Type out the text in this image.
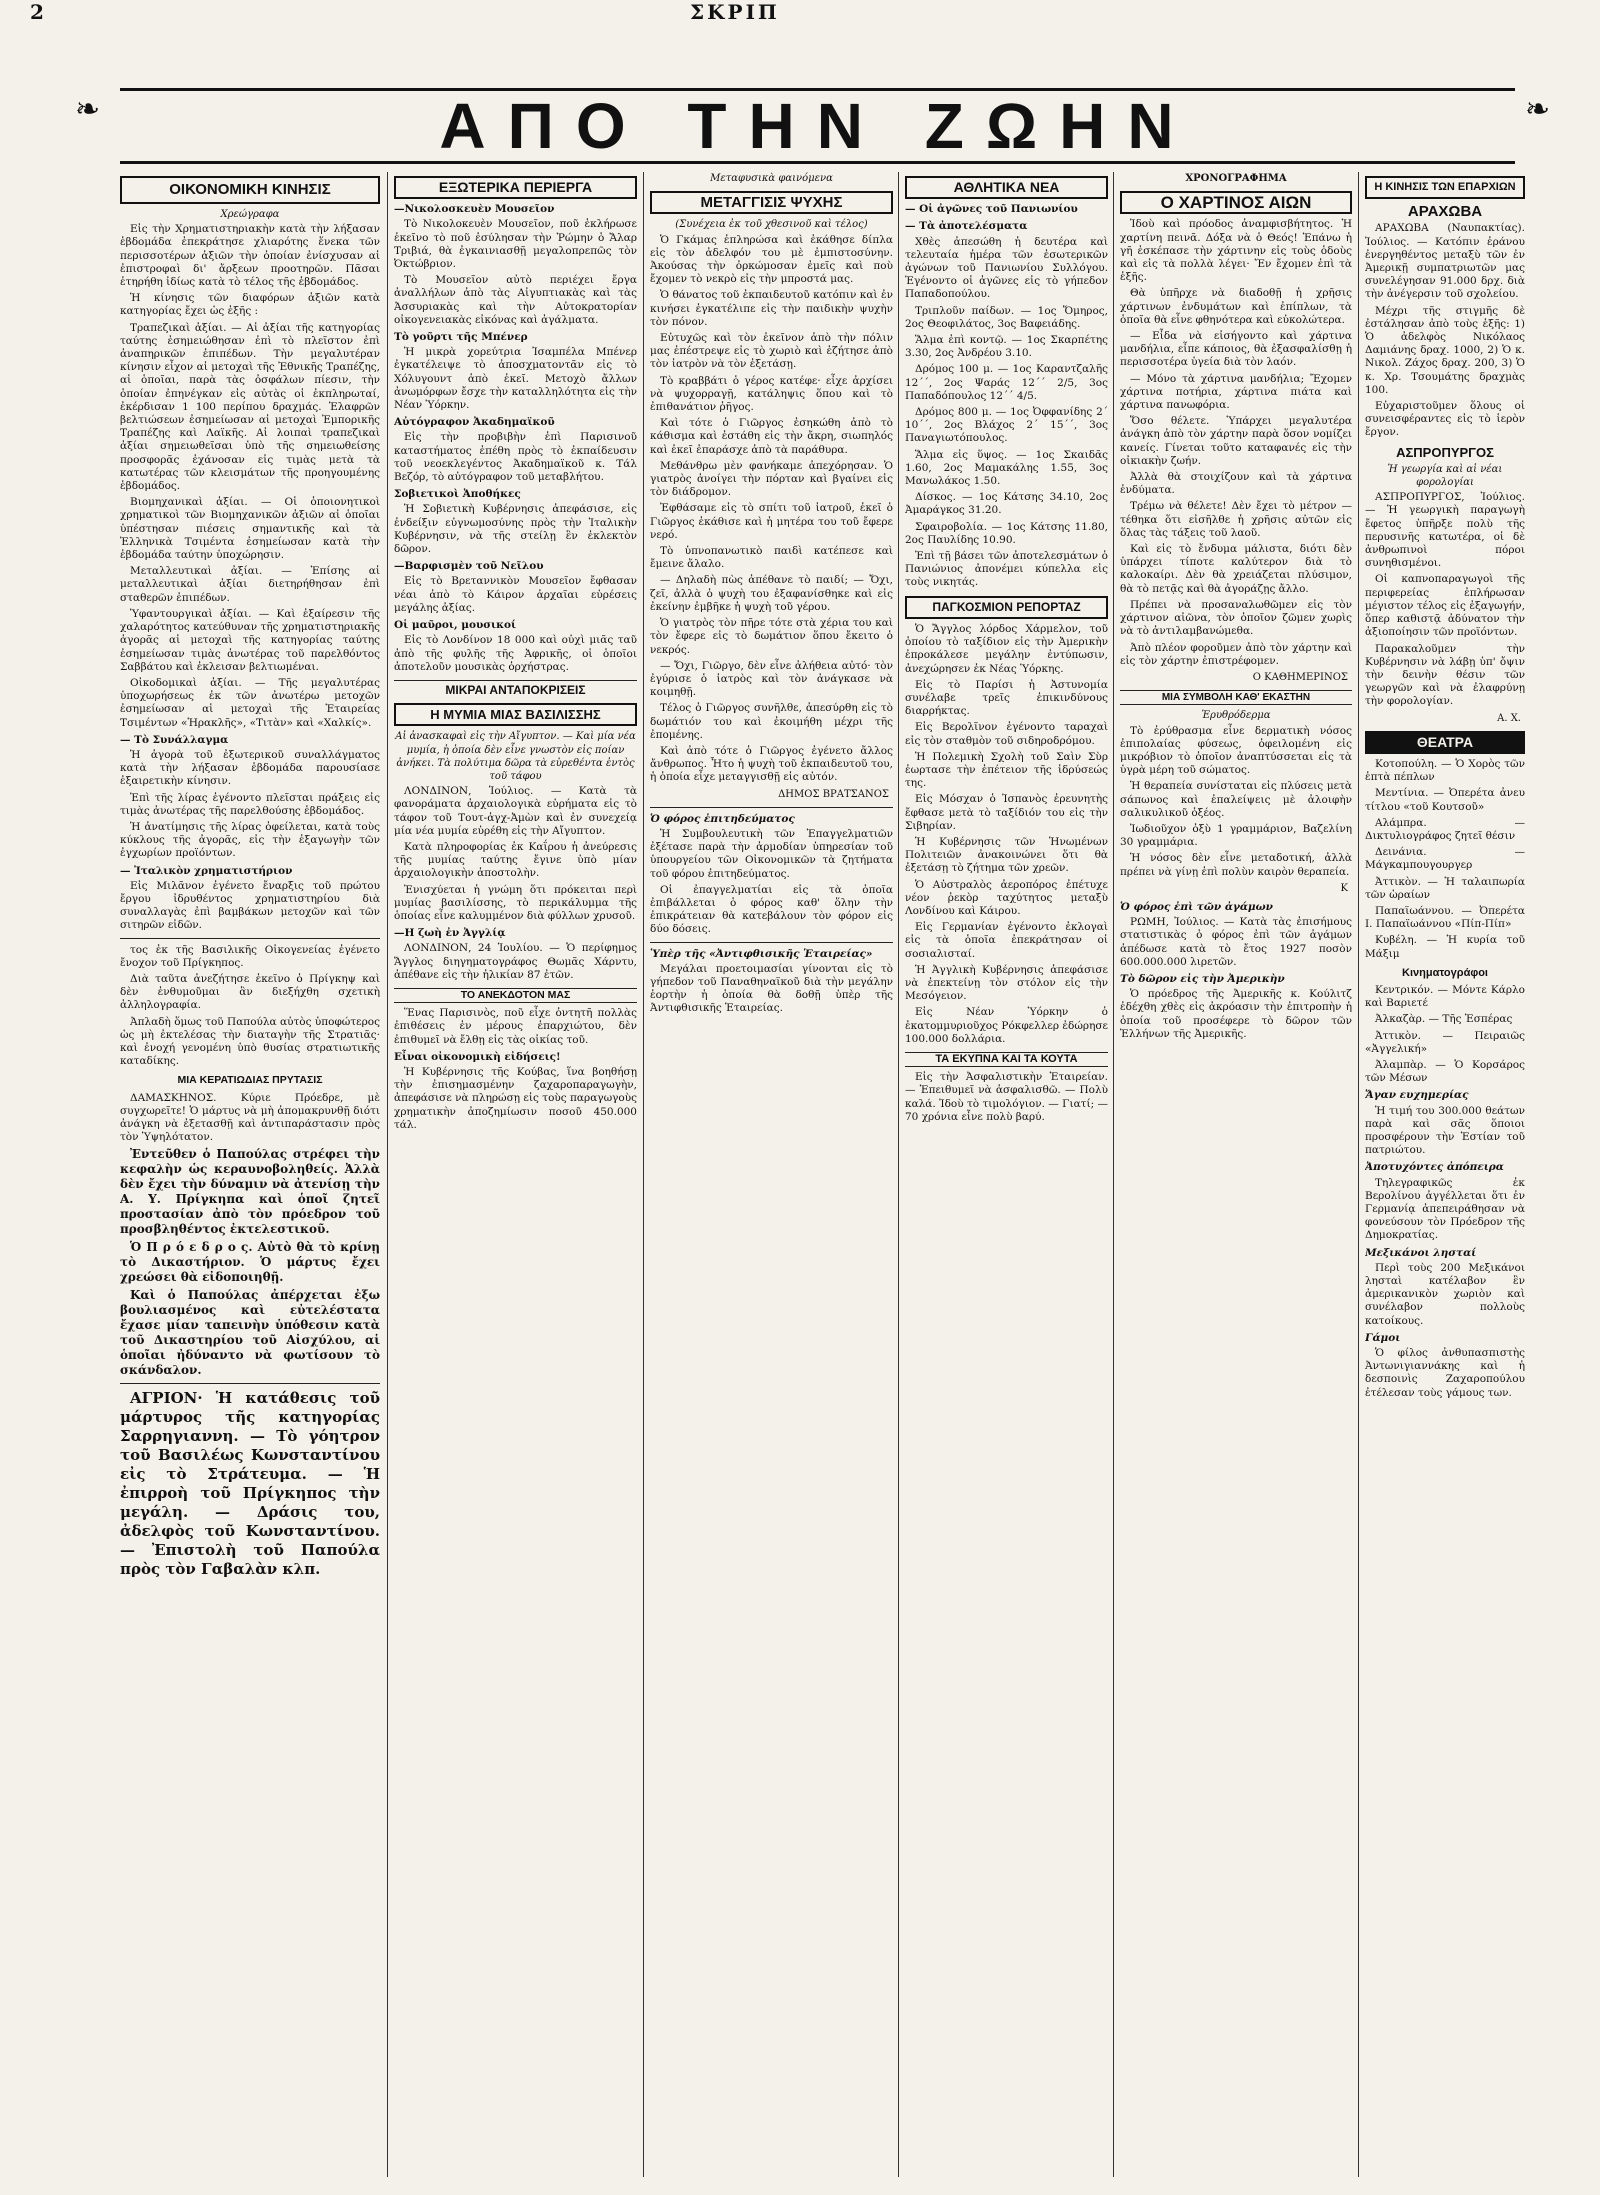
2	ΣΚΡΙΠ
❧	❧
ΑΠΟ ΤΗΝ ΖΩΗΝ
ΟΙΚΟΝΟΜΙΚΗ ΚΙΝΗΣΙΣ
Χρεώγραφα

Εἰς τὴν Χρηματιστηριακὴν κατὰ τὴν λήξασαν ἑβδομάδα ἐπεκράτησε χλιαρότης ἕνεκα τῶν περισσοτέρων ἀξιῶν τὴν ὁποίαν ἐνίσχυσαν αἱ ἐπιστροφαὶ δι' ἄρξεων προοτηρῶν. Πᾶσαι ἐτηρήθη ἰδίως κατὰ τὸ τέλος τῆς ἑβδομάδος.

Ἡ κίνησις τῶν διαφόρων ἀξιῶν κατὰ κατηγορίας ἔχει ὡς ἑξῆς :

Τραπεζικαὶ ἀξίαι. — Αἱ ἀξίαι τῆς κατηγορίας ταύτης ἐσημειώθησαν ἐπὶ τὸ πλεῖστον ἐπὶ ἀναπηρικῶν ἐπιπέδων. Τὴν μεγαλυτέραν κίνησιν εἶχον αἱ μετοχαὶ τῆς Ἐθνικῆς Τραπέζης, αἱ ὁποῖαι, παρὰ τὰς ὀσφάλων πίεσιν, τὴν ὁποίαν ἐπηνέγκαν εἰς αὐτὰς οἱ ἐκπληρωταί, ἐκέρδισαν 1 100 περίπου δραχμάς. Ἐλαφρῶν βελτιώσεων ἐσημείωσαν αἱ μετοχαὶ Ἐμπορικῆς Τραπέζης καὶ Λαϊκῆς. Αἱ λοιπαὶ τραπεζικαὶ ἀξίαι σημειωθεῖσαι ὑπὸ τῆς σημειωθείσης προσφορᾶς ἐχάνοσαν εἰς τιμὰς μετὰ τὰ κατωτέρας τῶν κλεισμάτων τῆς προηγουμένης ἑβδομάδος.

Βιομηχανικαὶ ἀξίαι. — Οἱ ὁποιονητικοὶ χρηματικοὶ τῶν Βιομηχανικῶν ἀξιῶν αἱ ὁποῖαι ὑπέστησαν πιέσεις σημαντικῆς καὶ τὰ Ἐλληνικὰ Τσιμέντα ἐσημείωσαν κατὰ τὴν ἑβδομάδα ταύτην ὑποχώρησιν.

Μεταλλευτικαὶ ἀξίαι. — Ἐπίσης αἱ μεταλλευτικαὶ ἀξίαι διετηρήθησαν ἐπὶ σταθερῶν ἐπιπέδων.

Ὑφαντουργικαὶ ἀξίαι. — Καὶ ἐξαίρεσιν τῆς χαλαρότητος κατεύθυναν τῆς χρηματιστηριακῆς ἀγορᾶς αἱ μετοχαὶ τῆς κατηγορίας ταύτης ἐσημείωσαν τιμὰς ἀνωτέρας τοῦ παρελθόντος Σαββάτου καὶ ἐκλεισαν βελτιωμέναι.

Οἰκοδομικαὶ ἀξίαι. — Τῆς μεγαλυτέρας ὑποχωρήσεως ἐκ τῶν ἀνωτέρω μετοχῶν ἐσημείωσαν αἱ μετοχαὶ τῆς Ἑταιρείας Τσιμέντων «Ἡρακλῆς», «Τιτὰν» καὶ «Χαλκίς».

— Τὸ Συνάλλαγμα

Ἡ ἀγορὰ τοῦ ἐξωτερικοῦ συναλλάγματος κατὰ τὴν λήξασαν ἑβδομάδα παρουσίασε ἐξαιρετικὴν κίνησιν.

Ἐπὶ τῆς λίρας ἐγένοντο πλεῖσται πράξεις εἰς τιμὰς ἀνωτέρας τῆς παρελθούσης ἑβδομάδος.

Ἡ ἀνατίμησις τῆς λίρας ὀφείλεται, κατὰ τοὺς κύκλους τῆς ἀγορᾶς, εἰς τὴν ἐξαγωγὴν τῶν ἐγχωρίων προϊόντων.

— Ἰταλικὸν χρηματιστήριον

Εἰς Μιλᾶνον ἐγένετο ἔναρξις τοῦ πρώτου ἔργου ἰδρυθέντος χρηματιστηρίου διὰ συναλλαγὰς ἐπὶ βαμβάκων μετοχῶν καὶ τῶν σιτηρῶν εἰδῶν.

τος ἐκ τῆς Βασιλικῆς Οἰκογενείας ἐγένετο ἔνοχον τοῦ Πρίγκηπος.

Διὰ ταῦτα ἀνεζήτησε ἐκεῖνο ὁ Πρίγκηψ καὶ δὲν ἐνθυμοῦμαι ἂν διεξήχθη σχετικὴ ἀλληλογραφία.

Ἀπλαδὴ ὅμως τοῦ Παπούλα αὐτὸς ὑποφώτερος ὡς μὴ ἐκτελέσας τὴν διαταγὴν τῆς Στρατιᾶς· καὶ ἐνοχή γενομένη ὑπὸ θυσίας στρατιωτικῆς καταδίκης.

ΜΙΑ ΚΕΡΑΤΙΩΔΙΑΣ ΠΡΥΤΑΣΙΣ

ΔΑΜΑΣΚΗΝΟΣ. Κύριε Πρόεδρε, μὲ συγχωρεῖτε! Ὁ μάρτυς νὰ μὴ ἀπομακρυνθῇ διότι ἀνάγκη νὰ ἐξετασθῇ καὶ ἀντιπαράστασιν πρὸς τὸν Ὑψηλότατον.

Ἐντεῦθεν ὁ Παπούλας στρέφει τὴν κεφαλὴν ὡς κεραυνοβοληθείς. Ἀλλὰ δὲν ἔχει τὴν δύναμιν νὰ ἀτενίσῃ τὴν Α. Υ. Πρίγκηπα καὶ ὁποῖ ζητεῖ προστασίαν ἀπὸ τὸν πρόεδρον τοῦ προσβληθέντος ἐκτελεστικοῦ.

Ὁ Π ρ ό ε δ ρ ο ς. Αὐτὸ θὰ τὸ κρίνῃ τὸ Δικαστήριον. Ὁ μάρτυς ἔχει χρεώσει θὰ εἰδοποιηθῇ.

Καὶ ὁ Παπούλας ἀπέρχεται ἐξω βουλιασμένος καὶ εὐτελέστατα ἔχασε μίαν ταπεινὴν ὑπόθεσιν κατὰ τοῦ Δικαστηρίου τοῦ Αἰσχύλου, αἱ ὁποῖαι ἠδύναντο νὰ φωτίσουν τὸ σκάνδαλον.

ΑΓΡΙΟΝ· Ἡ κατάθεσις τοῦ μάρτυρος τῆς κατηγορίας Σαρρηγιαννη. — Τὸ γόητρον τοῦ Βασιλέως Κωνσταντίνου εἰς τὸ Στράτευμα. — Ἡ ἐπιρροὴ τοῦ Πρίγκηπος τὴν μεγάλη. — Δράσις του, ἀδελφὸς τοῦ Κωνσταντίνου. — Ἐπιστολὴ τοῦ Παπούλα πρὸς τὸν Γαβαλὰν κλπ.

ΕΞΩΤΕΡΙΚΑ ΠΕΡΙΕΡΓΑ
—Νικολοσκευὲν Μουσεῖον

Τὸ Νικολοκευὲν Μουσεῖον, ποῦ ἐκλήρωσε ἐκεῖνο τὸ ποῦ ἐσύλησαν τὴν Ῥώμην ὁ Ἄλαρ Τριβιά, θὰ ἐγκαινιασθῇ μεγαλοπρεπῶς τὸν Ὀκτώβριον.

Τὸ Μουσεῖον αὐτὸ περιέχει ἔργα ἀναλλήλων ἀπὸ τὰς Αἰγυπτιακὰς καὶ τὰς Ἀσσυριακὰς καὶ τὴν Αὐτοκρατορίαν οἰκογενειακὰς εἰκόνας καὶ ἀγάλματα.

Τὸ γοῦρτι τῆς Μπένερ

Ἡ μικρὰ χορεύτρια Ἰσαμπέλα Μπένερ ἐγκατέλειψε τὸ ἀποσχματοντᾶν εἰς τὸ Χόλυγουντ ἀπὸ ἐκεῖ. Μετοχὸ ἄλλων ἀνωμόρφων ἔσχε τὴν καταλληλότητα εἰς τὴν Νέαν Ὑόρκην.

Αὐτόγραφον Ἀκαδημαϊκοῦ

Εἰς τὴν προβιβὴν ἐπὶ Παρισινοῦ καταστήματος ἐπέθη πρὸς τὸ ἐκπαίδευσιν τοῦ νεοεκλεγέντος Ἀκαδημαϊκοῦ κ. Τάλ Βεζόρ, τὸ αὐτόγραφον τοῦ μεταβλήτου.

Σοβιετικοὶ Ἀποθήκες

Ἡ Σοβιετικὴ Κυβέρνησις ἀπεφάσισε, εἰς ἐνδείξιν εὐγνωμοσύνης πρὸς τὴν Ἰταλικὴν Κυβέρνησιν, νὰ τῆς στείλῃ ἓν ἐκλεκτὸν δῶρον.

—Βαρφισμὲν τοῦ Νεῖλου

Εἰς τὸ Βρεταννικὸν Μουσεῖον ἔφθασαν νέαι ἀπὸ τὸ Κάιρον ἀρχαῖαι εὑρέσεις μεγάλης ἀξίας.

Οἱ μαῦροι, μουσικοί

Εἰς τὸ Λονδίνον 18 000 καὶ οὐχὶ μιᾶς ταῦ ἀπὸ τῆς φυλῆς τῆς Ἀφρικῆς, οἱ ὁποῖοι ἀποτελοῦν μουσικὰς ὀρχήστρας.

ΜΙΚΡΑΙ ΑΝΤΑΠΟΚΡΙΣΕΙΣ
Η ΜΥΜΙΑ ΜΙΑΣ ΒΑΣΙΛΙΣΣΗΣ
Αἱ ἀνασκαφαὶ εἰς τὴν Αἴγυπτον. — Καὶ μία νέα μυμία, ἡ ὁποία δὲν εἶνε γνωστὸν εἰς ποίαν ἀνήκει. Τὰ πολύτιμα δῶρα τὰ εὑρεθέντα ἐντὸς τοῦ τάφου

ΛΟΝΔΙΝΟΝ, Ἰούλιος. — Κατὰ τὰ φανοράματα ἀρχαιολογικὰ εὑρήματα εἰς τὸ τάφον τοῦ Τουτ-ἀγχ-Ἀμὼν καὶ ἐν συνεχείᾳ μία νέα μυμία εὑρέθη εἰς τὴν Αἴγυπτον.

Κατὰ πληροφορίας ἐκ Καΐρου ἡ ἀνεύρεσις τῆς μυμίας ταύτης ἔγινε ὑπὸ μίαν ἀρχαιολογικὴν ἀποστολὴν.

Ἐνισχύεται ἡ γνώμη ὅτι πρόκειται περὶ μυμίας βασιλίσσης, τὸ περικάλυμμα τῆς ὁποίας εἶνε καλυμμένον διὰ φύλλων χρυσοῦ.

—Η ζωὴ ἐν Ἀγγλίᾳ

ΛΟΝΔΙΝΟΝ, 24 Ἰουλίου. — Ὁ περίφημος Ἄγγλος διηγηματογράφος Θωμᾶς Χάρντυ, ἀπέθανε εἰς τὴν ἡλικίαν 87 ἐτῶν.

ΤΟ ΑΝΕΚΔΟΤΟΝ ΜΑΣ

Ἕνας Παρισινὸς, ποῦ εἶχε ὀντητῆ πολλὰς ἐπιθέσεις ἐν μέρους ἐπαρχιώτου, δὲν ἐπιθυμεῖ νὰ ἔλθῃ εἰς τὰς οἰκίας τοῦ.

Εἶναι οἰκονομικὴ εἰδήσεις!

Ἡ Κυβέρνησις τῆς Κούβας, ἵνα βοηθήσῃ τὴν ἐπισημασμένην ζαχαροπαραγωγὴν, ἀπεφάσισε νὰ πληρώσῃ εἰς τοὺς παραγωγοὺς χρηματικὴν ἀποζημίωσιν ποσοῦ 450.000 τάλ.

Μεταφυσικὰ φαινόμενα
ΜΕΤΑΓΓΙΣΙΣ ΨΥΧΗΣ
(Συνέχεια ἐκ τοῦ χθεσινοῦ καὶ τέλος)

Ὁ Γκάμας ἐπληρώσα καὶ ἐκάθησε δίπλα εἰς τὸν ἀδελφόν του μὲ ἐμπιστοσύνην. Ἀκούσας τὴν ὀρκώμοσαν ἐμεῖς καὶ ποὺ ἔχομεν τὸ νεκρὸ εἰς τὴν μπροστά μας.

Ὁ θάνατος τοῦ ἐκπαιδευτοῦ κατόπιν καὶ ἐν κινήσει ἐγκατέλιπε εἰς τὴν παιδικὴν ψυχὴν τὸν πόνον.

Εὐτυχῶς καὶ τὸν ἐκεῖνον ἀπὸ τὴν πόλιν μας ἐπέστρεψε εἰς τὸ χωριὸ καὶ ἐζήτησε ἀπὸ τὸν ἰατρὸν νὰ τὸν ἐξετάσῃ.

Τὸ κραββάτι ὁ γέρος κατέφε· εἶχε ἀρχίσει νὰ ψυχορραγῇ, κατάληψις ὅπου καὶ τὸ ἐπιθανάτιον ῥῆγος.

Καὶ τότε ὁ Γιῶργος ἐσηκώθη ἀπὸ τὸ κάθισμα καὶ ἐστάθη εἰς τὴν ἄκρη, σιωπηλός καὶ ἐκεῖ ἐπαράσχε ἀπὸ τὰ παράθυρα.

Μεθάνθρω μὲν φανήκαμε ἀπεχόρησαν. Ὁ γιατρὸς ἀνοίγει τὴν πόρταν καὶ βγαίνει εἰς τὸν διάδρομον.

Ἐφθάσαμε εἰς τὸ σπίτι τοῦ ἰατροῦ, ἐκεῖ ὁ Γιῶργος ἐκάθισε καὶ ἡ μητέρα του τοῦ ἔφερε νερό.

Τὸ ὑπνοπανωτικὸ παιδὶ κατέπεσε καὶ ἔμεινε ἄλαλο.

— Δηλαδὴ πὼς ἀπέθανε τὸ παιδί; — Ὄχι, ζεῖ, ἀλλὰ ὁ ψυχὴ του ἐξαφανίσθηκε καὶ εἰς ἐκείνην ἐμβῆκε ἡ ψυχὴ τοῦ γέρου.

Ὁ γιατρὸς τὸν πῆρε τότε στὰ χέρια του καὶ τὸν ἔφερε εἰς τὸ δωμάτιον ὅπου ἔκειτο ὁ νεκρός.

— Ὄχι, Γιῶργο, δὲν εἶνε ἀλήθεια αὐτό· τὸν ἐγύρισε ὁ ἰατρὸς καὶ τὸν ἀνάγκασε νὰ κοιμηθῇ.

Τέλος ὁ Γιῶργος συνῆλθε, ἀπεσύρθη εἰς τὸ δωμάτιόν του καὶ ἐκοιμήθη μέχρι τῆς ἐπομένης.

Καὶ ἀπὸ τότε ὁ Γιῶργος ἐγένετο ἄλλος ἄνθρωπος. Ἦτο ἡ ψυχὴ τοῦ ἐκπαιδευτοῦ του, ἡ ὁποία εἶχε μεταγγισθῇ εἰς αὐτόν.

ΔΗΜΟΣ ΒΡΑΤΣΑΝΟΣ
Ὁ φόρος ἐπιτηδεύματος

Ἡ Συμβουλευτικὴ τῶν Ἐπαγγελματιῶν ἐξέτασε παρὰ τὴν ἀρμοδίαν ὑπηρεσίαν τοῦ ὑπουργείου τῶν Οἰκονομικῶν τὰ ζητήματα τοῦ φόρου ἐπιτηδεύματος.

Οἱ ἐπαγγελματίαι εἰς τὰ ὁποῖα ἐπιβάλλεται ὁ φόρος καθ' ὅλην τὴν ἐπικράτειαν θὰ κατεβάλουν τὸν φόρον εἰς δύο δόσεις.

Ὑπὲρ τῆς «Ἀντιφθισικῆς Ἑταιρείας»

Μεγάλαι προετοιμασίαι γίνονται εἰς τὸ γήπεδον τοῦ Παναθηναϊκοῦ διὰ τὴν μεγάλην ἑορτὴν ἡ ὁποία θὰ δοθῇ ὑπὲρ τῆς Ἀντιφθισικῆς Ἑταιρείας.

ΑΘΛΗΤΙΚΑ ΝΕΑ
— Οἱ ἀγῶνες τοῦ Πανιωνίου
— Τὰ ἀποτελέσματα

Χθὲς ἀπεσώθη ἡ δευτέρα καὶ τελευταία ἡμέρα τῶν ἐσωτερικῶν ἀγώνων τοῦ Πανιωνίου Συλλόγου. Ἐγένοντο οἱ ἀγῶνες εἰς τὸ γήπεδον Παπαδοπούλου.

Τριπλοῦν παίδων. — 1ος Ὅμηρος, 2ος Θεοφιλάτος, 3ος Βαφειάδης.

Ἅλμα ἐπὶ κοντῷ. — 1ος Σκαρπέτης 3.30, 2ος Ἀνδρέου 3.10.

Δρόμος 100 μ. — 1ος Καραντζαλῆς 12΄΄, 2ος Ψαράς 12΄΄ 2/5, 3ος Παπαδόπουλος 12΄΄ 4/5.

Δρόμος 800 μ. — 1ος Ὀφφανίδης 2΄ 10΄΄, 2ος Βλάχος 2΄ 15΄΄, 3ος Παναγιωτόπουλος.

Ἅλμα εἰς ὕψος. — 1ος Σκαιδᾶς 1.60, 2ος Μαμακάλης 1.55, 3ος Μανωλάκος 1.50.

Δίσκος. — 1ος Κάτσης 34.10, 2ος Ἀμαράγκος 31.20.

Σφαιροβολία. — 1ος Κάτσης 11.80, 2ος Παυλίδης 10.90.

Ἐπὶ τῇ βάσει τῶν ἀποτελεσμάτων ὁ Πανιώνιος ἀπονέμει κύπελλα εἰς τοὺς νικητάς.

ΠΑΓΚΟΣΜΙΟΝ ΡΕΠΟΡΤΑΖ

Ὁ Ἄγγλος λόρδος Χάρμελον, τοῦ ὁποίου τὸ ταξίδιον εἰς τὴν Ἀμερικὴν ἐπροκάλεσε μεγάλην ἐντύπωσιν, ἀνεχώρησεν ἐκ Νέας Ὑόρκης.

Εἰς τὸ Παρίσι ἡ Ἀστυνομία συνέλαβε τρεῖς ἐπικινδύνους διαρρήκτας.

Εἰς Βερολῖνον ἐγένοντο ταραχαὶ εἰς τὸν σταθμὸν τοῦ σιδηροδρόμου.

Ἡ Πολεμικὴ Σχολὴ τοῦ Σαὶν Σὺρ ἐωρτασε τὴν ἐπέτειον τῆς ἱδρύσεώς της.

Εἰς Μόσχαν ὁ Ἰσπανὸς ἐρευνητὴς ἔφθασε μετὰ τὸ ταξίδιόν του εἰς τὴν Σιβηρίαν.

Ἡ Κυβέρνησις τῶν Ἡνωμένων Πολιτειῶν ἀνακοινώνει ὅτι θὰ ἐξετάσῃ τὸ ζήτημα τῶν χρεῶν.

Ὁ Αὐστραλὸς ἀεροπόρος ἐπέτυχε νέον ῥεκὸρ ταχύτητος μεταξὺ Λονδίνου καὶ Κάιρου.

Εἰς Γερμανίαν ἐγένοντο ἐκλογαὶ εἰς τὰ ὁποῖα ἐπεκράτησαν οἱ σοσιαλισταί.

Ἡ Ἀγγλικὴ Κυβέρνησις ἀπεφάσισε νὰ ἐπεκτείνῃ τὸν στόλον εἰς τὴν Μεσόγειον.

Εἰς Νέαν Ὑόρκην ὁ ἐκατομμυριοῦχος Ρόκφελλερ ἐδώρησε 100.000 δολλάρια.

ΤΑ ΕΚΥΠΝΑ ΚΑΙ ΤΑ ΚΟΥΤΑ

Εἰς τὴν Ἀσφαλιστικὴν Ἑταιρείαν. — Ἐπειθυμεῖ νὰ ἀσφαλισθῶ. — Πολὺ καλά. Ἰδοὺ τὸ τιμολόγιον. — Γιατί; — 70 χρόνια εἶνε πολὺ βαρύ.

ΧΡΟΝΟΓΡΑΦΗΜΑ
Ο ΧΑΡΤΙΝΟΣ ΑΙΩΝ

Ἰδοὺ καὶ πρόοδος ἀναμφισβήτητος. Ἡ χαρτίνη πεινᾶ. Δόξα νὰ ὁ Θεός! Ἐπάνω ἡ γῆ ἐσκέπασε τὴν χάρτινην εἰς τοὺς ὁδοὺς καὶ εἰς τὰ πολλὰ λέγει· Ἔν ἔχομεν ἐπὶ τὰ ἑξῆς.

Θὰ ὑπῆρχε νὰ διαδοθῇ ἡ χρῆσις χάρτινων ἐνδυμάτων καὶ ἐπίπλων, τὰ ὁποῖα θὰ εἶνε φθηνότερα καὶ εὐκολώτερα.

— Εἶδα νὰ εἰσήγοντο καὶ χάρτινα μανδήλια, εἶπε κάποιος, θὰ ἐξασφαλίσθῃ ἡ περισσοτέρα ὑγεία διὰ τὸν λαόν.

— Μόνο τὰ χάρτινα μανδήλια; Ἔχομεν χάρτινα ποτήρια, χάρτινα πιάτα καὶ χάρτινα πανωφόρια.

Ὅσο θέλετε. Ὑπάρχει μεγαλυτέρα ἀνάγκη ἀπὸ τὸν χάρτην παρὰ ὅσον νομίζει κανείς. Γίνεται τοῦτο καταφανές εἰς τὴν οἰκιακὴν ζωήν.

Ἀλλὰ θὰ στοιχίζουν καὶ τὰ χάρτινα ἐνδύματα.

Τρέμω νὰ θέλετε! Δὲν ἔχει τὸ μέτρον — τέθηκα ὅτι εἰσῆλθε ἡ χρῆσις αὐτῶν εἰς ὅλας τὰς τάξεις τοῦ λαοῦ.

Καὶ εἰς τὸ ἔνδυμα μάλιστα, διότι δὲν ὑπάρχει τίποτε καλύτερον διὰ τὸ καλοκαίρι. Δὲν θὰ χρειάζεται πλύσιμον, θὰ τὸ πετᾷς καὶ θὰ ἀγοράζῃς ἄλλο.

Πρέπει νὰ προσαναλωθῶμεν εἰς τὸν χάρτινον αἰῶνα, τὸν ὁποῖον ζῶμεν χωρὶς νὰ τὸ ἀντιλαμβανώμεθα.

Ἀπὸ πλέον φοροῦμεν ἀπὸ τὸν χάρτην καὶ εἰς τὸν χάρτην ἐπιστρέφομεν.

Ο ΚΑΘΗΜΕΡΙΝΟΣ
ΜΙΑ ΣΥΜΒΟΛΗ ΚΑΘ' ΕΚΑΣΤΗΝ
Ἐρυθρόδερμα

Τὸ ἐρύθρασμα εἶνε δερματικὴ νόσος ἐπιπολαίας φύσεως, ὀφειλομένη εἰς μικρόβιον τὸ ὁποῖον ἀναπτύσσεται εἰς τὰ ὑγρὰ μέρη τοῦ σώματος.

Ἡ θεραπεία συνίσταται εἰς πλύσεις μετὰ σάπωνος καὶ ἐπαλείψεις μὲ ἀλοιφὴν σαλικυλικοῦ ὀξέος.

Ἰωδιοῦχον ὀξὺ 1 γραμμάριον, Βαζελίνη 30 γραμμάρια.

Ἡ νόσος δὲν εἶνε μεταδοτική, ἀλλὰ πρέπει νὰ γίνῃ ἐπὶ πολὺν καιρὸν θεραπεία.

Κ
Ὁ φόρος ἐπὶ τῶν ἀγάμων

ΡΩΜΗ, Ἰούλιος. — Κατὰ τὰς ἐπισήμους στατιστικὰς ὁ φόρος ἐπὶ τῶν ἀγάμων ἀπέδωσε κατὰ τὸ ἔτος 1927 ποσὸν 600.000.000 λιρετῶν.

Τὸ δῶρον εἰς τὴν Ἀμερικὴν

Ὁ πρόεδρος τῆς Ἀμερικῆς κ. Κούλιτζ ἐδέχθη χθὲς εἰς ἀκρόασιν τὴν ἐπιτροπὴν ἡ ὁποία τοῦ προσέφερε τὸ δῶρον τῶν Ἑλλήνων τῆς Ἀμερικῆς.

Η ΚΙΝΗΣΙΣ ΤΩΝ ΕΠΑΡΧΙΩΝ
ΑΡΑΧΩΒΑ

ΑΡΑΧΩΒΑ (Ναυπακτίας). Ἰούλιος. — Κατόπιν ἐράνου ἐνεργηθέντος μεταξὺ τῶν ἐν Ἀμερικῇ συμπατριωτῶν μας συνελέγησαν 91.000 δρχ. διὰ τὴν ἀνέγερσιν τοῦ σχολείου.

Μέχρι τῆς στιγμῆς δὲ ἐστάλησαν ἀπὸ τοὺς ἑξῆς: 1) Ὁ ἀδελφὸς Νικόλαος Δαμιάνης δραχ. 1000, 2) Ὁ κ. Νικολ. Ζάχος δραχ. 200, 3) Ὁ κ. Χρ. Τσουμάτης δραχμὰς 100.

Εὐχαριστοῦμεν ὅλους οἱ συνεισφέραντες εἰς τὸ ἱερὸν ἔργον.

ΑΣΠΡΟΠΥΡΓΟΣ
Ἡ γεωργία καὶ αἱ νέαι φορολογίαι

ΑΣΠΡΟΠΥΡΓΟΣ, Ἰούλιος. — Ἡ γεωργικὴ παραγωγὴ ἔφετος ὑπῆρξε πολὺ τῆς περυσινῆς κατωτέρα, οἱ δὲ ἀνθρωπινοὶ πόροι συνηθισμένοι.

Οἱ καπνοπαραγωγοὶ τῆς περιφερείας ἐπλήρωσαν μέγιστον τέλος εἰς ἐξαγωγήν, ὅπερ καθιστᾷ ἀδύνατον τὴν ἀξιοποίησιν τῶν προϊόντων.

Παρακαλοῦμεν τὴν Κυβέρνησιν νὰ λάβῃ ὑπ' ὄψιν τὴν δεινὴν θέσιν τῶν γεωργῶν καὶ νὰ ἐλαφρύνῃ τὴν φορολογίαν.

Α. Χ.
ΘΕΑΤΡΑ

Κοτοπούλη. — Ὁ Χορὸς τῶν ἑπτὰ πέπλων

Μεντίνια. — Ὀπερέτα ἀνευ τίτλου «τοῦ Κουτσοῦ»

Αλάμπρα. — Δικτυλιογράφος ζητεῖ θέσιν

Δεινάνια. — Μάγκαμπουγουργερ

Ἀττικὸν. — Ἡ ταλαιπωρία τῶν ὡραίων

Παπαϊωάννου. — Ὀπερέτα Ι. Παπαϊωάννου «Πίπ-Πίπ»

Κυβέλη. — Ἡ κυρία τοῦ Μάξιμ

Κινηματογράφοι

Κεντρικόν. — Μόντε Κάρλο καὶ Βαριετέ

Ἀλκαζὰρ. — Τῆς Ἑσπέρας

Ἀττικὸν. — Πειραιῶς «Ἀγγελική»

Ἀλαμπὰρ. — Ὁ Κορσάρος τῶν Μέσων

Ἄγαν ευχημερίας

Ἡ τιμή του 300.000 θεάτων παρὰ καὶ σᾶς ὅποιοι προσφέρουν τὴν Ἑστίαν τοῦ πατριώτου.

Ἀποτυχόντες ἀπόπειρα

Τηλεγραφικῶς ἐκ Βερολίνου ἀγγέλλεται ὅτι ἐν Γερμανίᾳ ἀπεπειράθησαν νὰ φονεύσουν τὸν Πρόεδρον τῆς Δημοκρατίας.

Μεξικάνοι λησταί

Περὶ τοὺς 200 Μεξικάνοι λησταὶ κατέλαβον ἓν ἀμερικανικὸν χωριὸν καὶ συνέλαβον πολλοὺς κατοίκους.

Γάμοι

Ὁ φίλος ἀνθυπασπιστὴς Ἀντωνιγιαννάκης καὶ ἡ δεσποινὶς Ζαχαροπούλου ἐτέλεσαν τοὺς γάμους των.
